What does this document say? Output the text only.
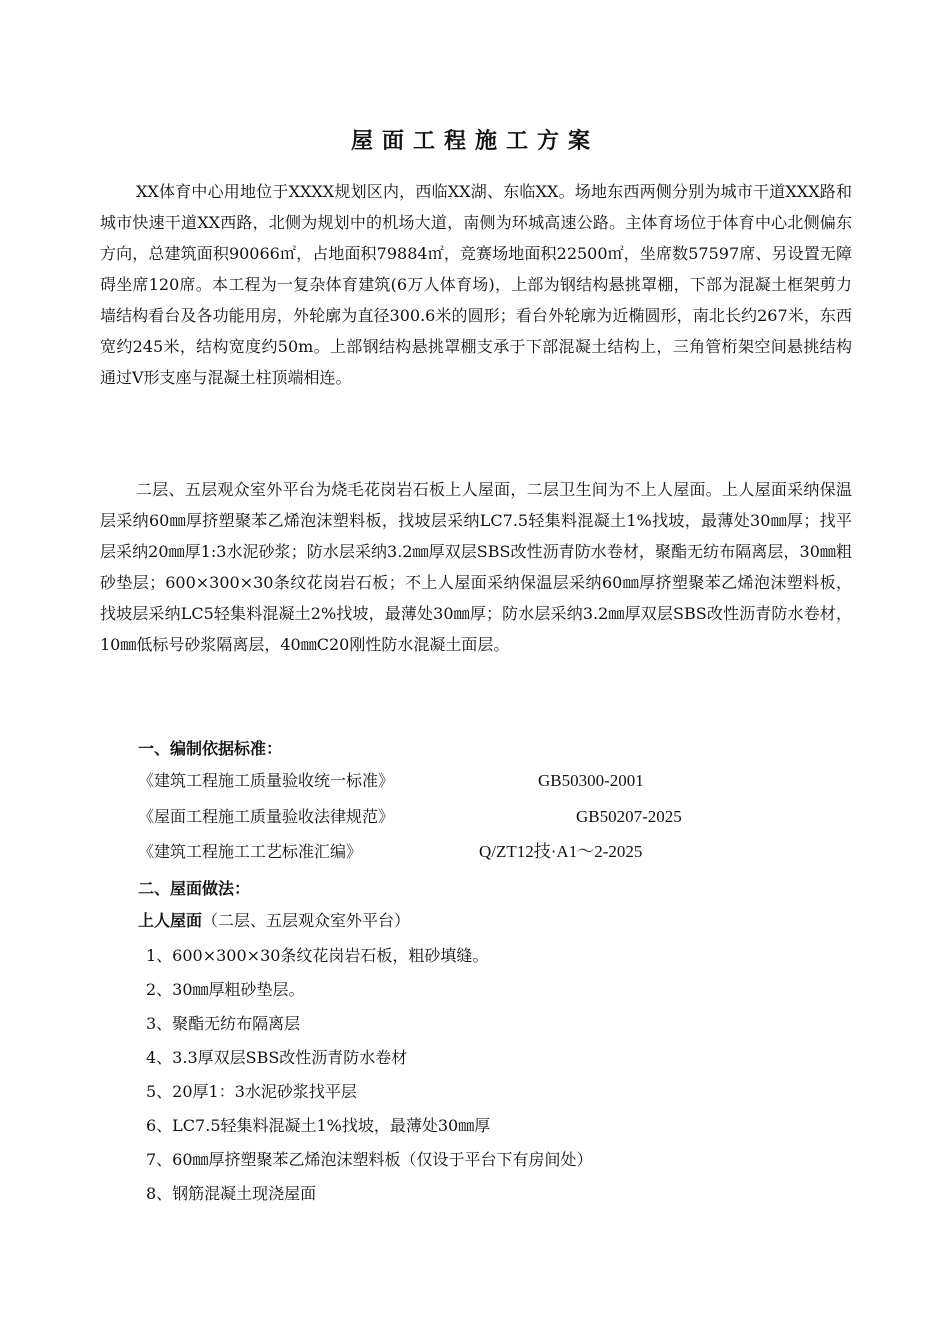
屋面工程施工方案

XX体育中心用地位于XXXX规划区内，西临XX湖、东临XX。场地东西两侧分别为城市干道XXX路和城市快速干道XX西路，北侧为规划中的机场大道，南侧为环城高速公路。主体育场位于体育中心北侧偏东方向，总建筑面积90066㎡，占地面积79884㎡，竞赛场地面积22500㎡，坐席数57597席、另设置无障碍坐席120席。本工程为一复杂体育建筑(6万人体育场)，上部为钢结构悬挑罩棚，下部为混凝土框架剪力墙结构看台及各功能用房，外轮廓为直径300.6米的圆形；看台外轮廓为近椭圆形，南北长约267米，东西宽约245米，结构宽度约50m。上部钢结构悬挑罩棚支承于下部混凝土结构上，三角管桁架空间悬挑结构通过V形支座与混凝土柱顶端相连。

二层、五层观众室外平台为烧毛花岗岩石板上人屋面，二层卫生间为不上人屋面。上人屋面采纳保温层采纳60㎜厚挤塑聚苯乙烯泡沫塑料板，找坡层采纳LC7.5轻集料混凝土1%找坡，最薄处30㎜厚；找平层采纳20㎜厚1:3水泥砂浆；防水层采纳3.2㎜厚双层SBS改性沥青防水卷材，聚酯无纺布隔离层，30㎜粗砂垫层；600×300×30条纹花岗岩石板；不上人屋面采纳保温层采纳60㎜厚挤塑聚苯乙烯泡沫塑料板，找坡层采纳LC5轻集料混凝土2%找坡，最薄处30㎜厚；防水层采纳3.2㎜厚双层SBS改性沥青防水卷材，10㎜低标号砂浆隔离层，40㎜C20刚性防水混凝土面层。

一、编制依据标准：
《建筑工程施工质量验收统一标准》	GB50300-2001
《屋面工程施工质量验收法律规范》	GB50207-2025
《建筑工程施工工艺标准汇编》	Q/ZT12技·A1～2-2025
二、屋面做法：
上人屋面（二层、五层观众室外平台）
1、600×300×30条纹花岗岩石板，粗砂填缝。
2、30㎜厚粗砂垫层。
3、聚酯无纺布隔离层
4、3.3厚双层SBS改性沥青防水卷材
5、20厚1：3水泥砂浆找平层
6、LC7.5轻集料混凝土1%找坡，最薄处30㎜厚
7、60㎜厚挤塑聚苯乙烯泡沫塑料板（仅设于平台下有房间处）
8、钢筋混凝土现浇屋面
